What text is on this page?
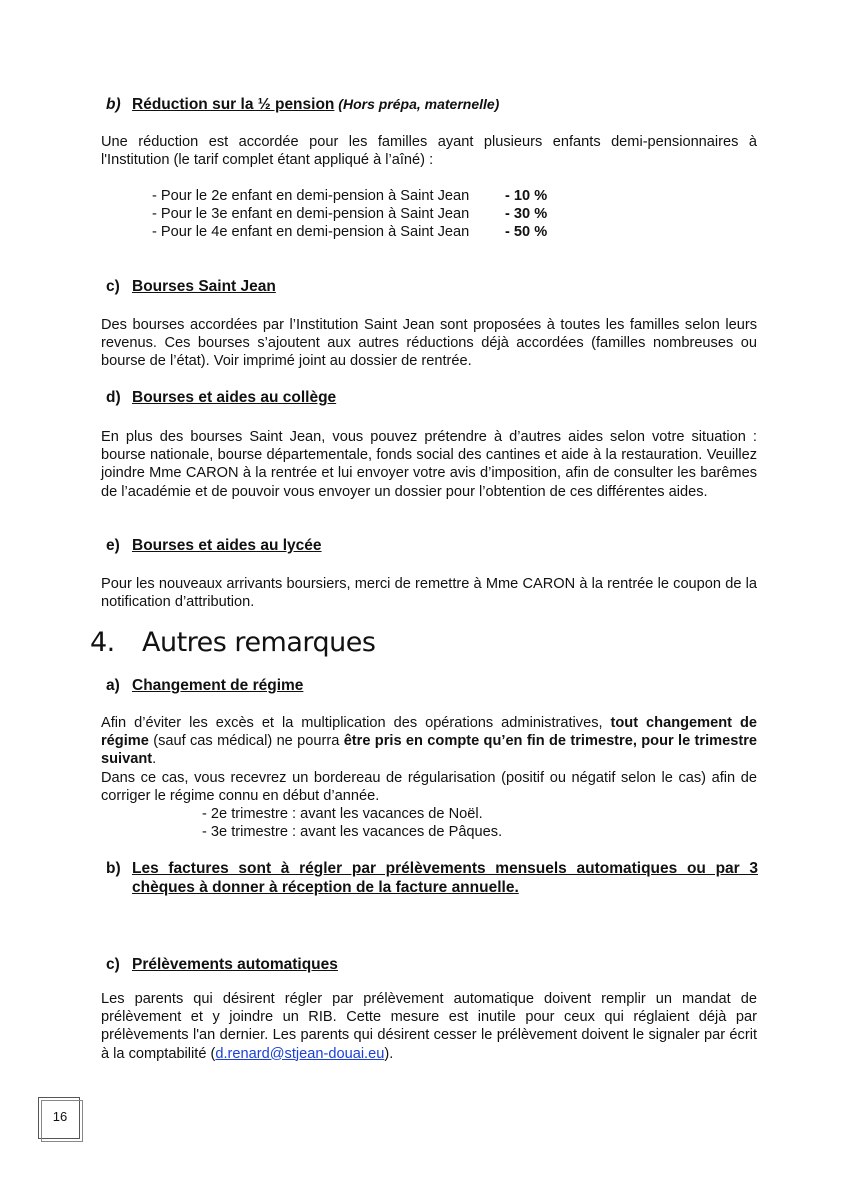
b) Réduction sur la ½ pension (Hors prépa, maternelle)

Une réduction est accordée pour les familles ayant plusieurs enfants demi-pensionnaires à l'Institution (le tarif complet étant appliqué à l’aîné) :

- Pour le 2e enfant en demi-pension à Saint Jean - 10 %
- Pour le 3e enfant en demi-pension à Saint Jean - 30 %
- Pour le 4e enfant en demi-pension à Saint Jean - 50 %
c) Bourses Saint Jean

Des bourses accordées par l’Institution Saint Jean sont proposées à toutes les familles selon leurs revenus. Ces bourses s’ajoutent aux autres réductions déjà accordées (familles nombreuses ou bourse de l’état). Voir imprimé joint au dossier de rentrée.

d) Bourses et aides au collège

En plus des bourses Saint Jean, vous pouvez prétendre à d’autres aides selon votre situation : bourse nationale, bourse départementale, fonds social des cantines et aide à la restauration. Veuillez joindre Mme CARON à la rentrée et lui envoyer votre avis d’imposition, afin de consulter les barêmes de l’académie et de pouvoir vous envoyer un dossier pour l’obtention de ces différentes aides.

e) Bourses et aides au lycée

Pour les nouveaux arrivants boursiers, merci de remettre à Mme CARON à la rentrée le coupon de la notification d’attribution.

4. Autres remarques
a) Changement de régime

Afin d’éviter les excès et la multiplication des opérations administratives, tout changement de régime (sauf cas médical) ne pourra être pris en compte qu’en fin de trimestre, pour le trimestre suivant.

Dans ce cas, vous recevrez un bordereau de régularisation (positif ou négatif selon le cas) afin de corriger le régime connu en début d’année.

- 2e trimestre : avant les vacances de Noël.
- 3e trimestre : avant les vacances de Pâques.
b) Les factures sont à régler par prélèvements mensuels automatiques ou par 3 chèques à donner à réception de la facture annuelle.
c) Prélèvements automatiques

Les parents qui désirent régler par prélèvement automatique doivent remplir un mandat de prélèvement et y joindre un RIB. Cette mesure est inutile pour ceux qui réglaient déjà par prélèvements l'an dernier. Les parents qui désirent cesser le prélèvement doivent le signaler par écrit à la comptabilité (d.renard@stjean-douai.eu).

16
